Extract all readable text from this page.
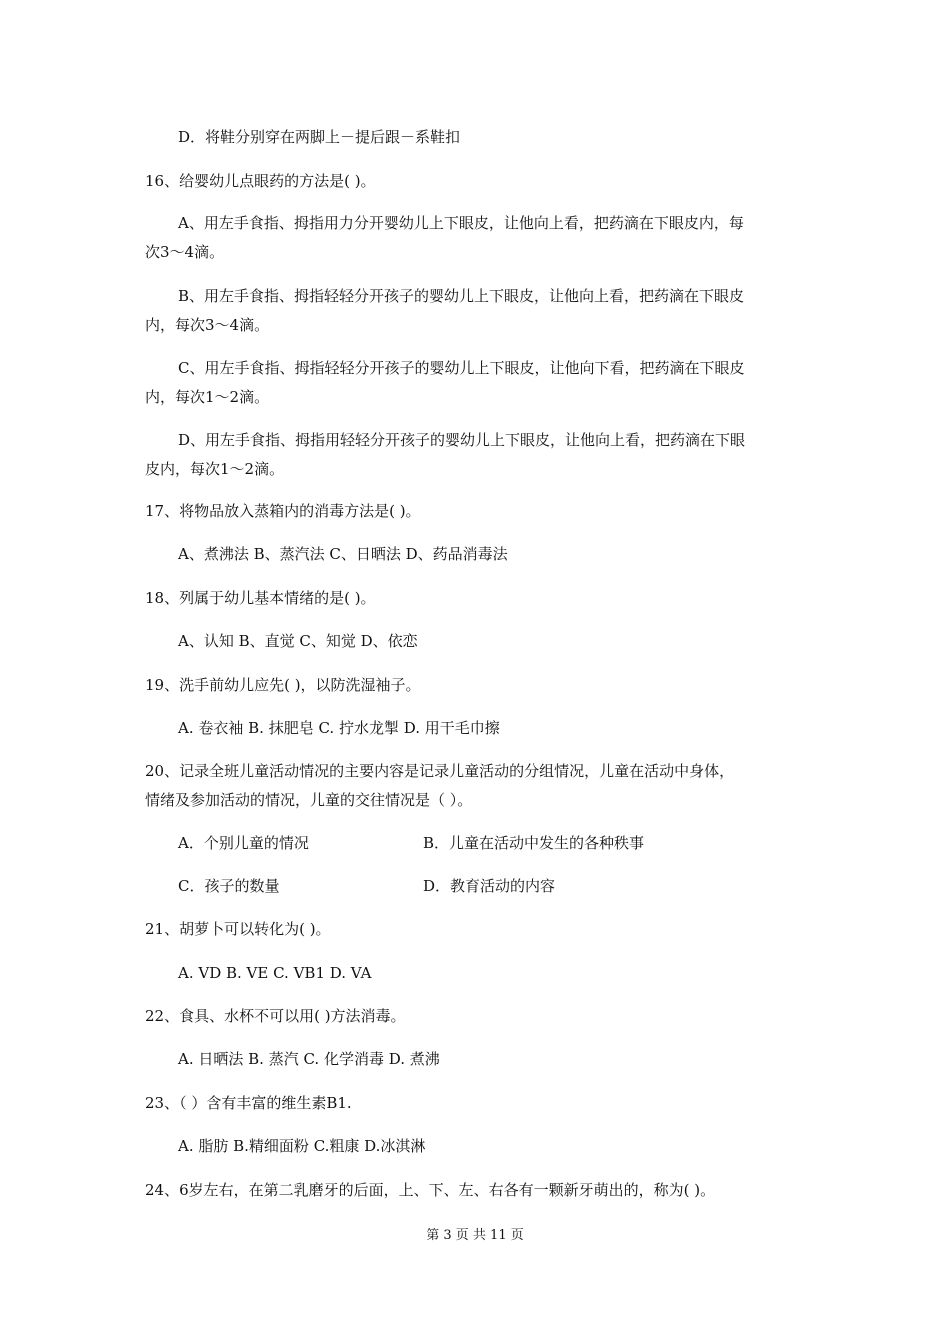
D．将鞋分别穿在两脚上－提后跟－系鞋扣
16、给婴幼儿点眼药的方法是( )。
A、用左手食指、拇指用力分开婴幼儿上下眼皮，让他向上看，把药滴在下眼皮内，每
次3～4滴。
B、用左手食指、拇指轻轻分开孩子的婴幼儿上下眼皮，让他向上看，把药滴在下眼皮
内，每次3～4滴。
C、用左手食指、拇指轻轻分开孩子的婴幼儿上下眼皮，让他向下看，把药滴在下眼皮
内，每次1～2滴。
D、用左手食指、拇指用轻轻分开孩子的婴幼儿上下眼皮，让他向上看，把药滴在下眼
皮内，每次1～2滴。
17、将物品放入蒸箱内的消毒方法是( )。
A、煮沸法 B、蒸汽法 C、日晒法 D、药品消毒法
18、列属于幼儿基本情绪的是( )。
A、认知 B、直觉 C、知觉 D、依恋
19、洗手前幼儿应先( )，以防洗湿袖子。
A. 卷衣袖 B. 抹肥皂 C. 拧水龙掣 D. 用干毛巾擦
20、记录全班儿童活动情况的主要内容是记录儿童活动的分组情况，儿童在活动中身体，
情绪及参加活动的情况，儿童的交往情况是（ ）。
A．个别儿童的情况	B．儿童在活动中发生的各种秩事
C．孩子的数量	D．教育活动的内容
21、胡萝卜可以转化为( )。
A. VD B. VE C. VB1 D. VA
22、食具、水杯不可以用( )方法消毒。
A. 日晒法 B. 蒸汽 C. 化学消毒 D. 煮沸
23、（ ）含有丰富的维生素B1.
A. 脂肪 B.精细面粉 C.粗康 D.冰淇淋
24、6岁左右，在第二乳磨牙的后面，上、下、左、右各有一颗新牙萌出的，称为( )。
第 3 页 共 11 页
